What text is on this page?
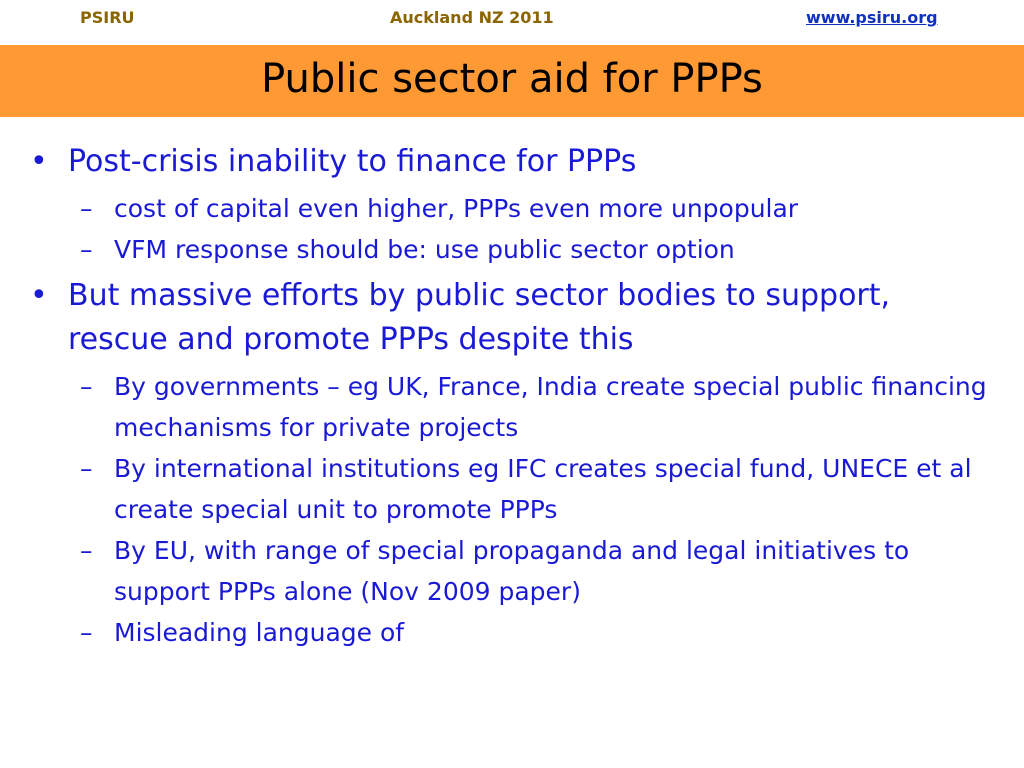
PSIRU	Auckland NZ 2011	www.psiru.org
Public sector aid for PPPs
• Post-crisis inability to finance for PPPs
– cost of capital even higher, PPPs even more unpopular
– VFM response should be: use public sector option
• But massive efforts by public sector bodies to support, rescue and promote PPPs despite this
– By governments – eg UK, France, India create special public financing mechanisms for private projects
– By international institutions eg IFC creates special fund, UNECE et al create special unit to promote PPPs
– By EU, with range of special propaganda and legal initiatives to support PPPs alone (Nov 2009 paper)
– Misleading language of
